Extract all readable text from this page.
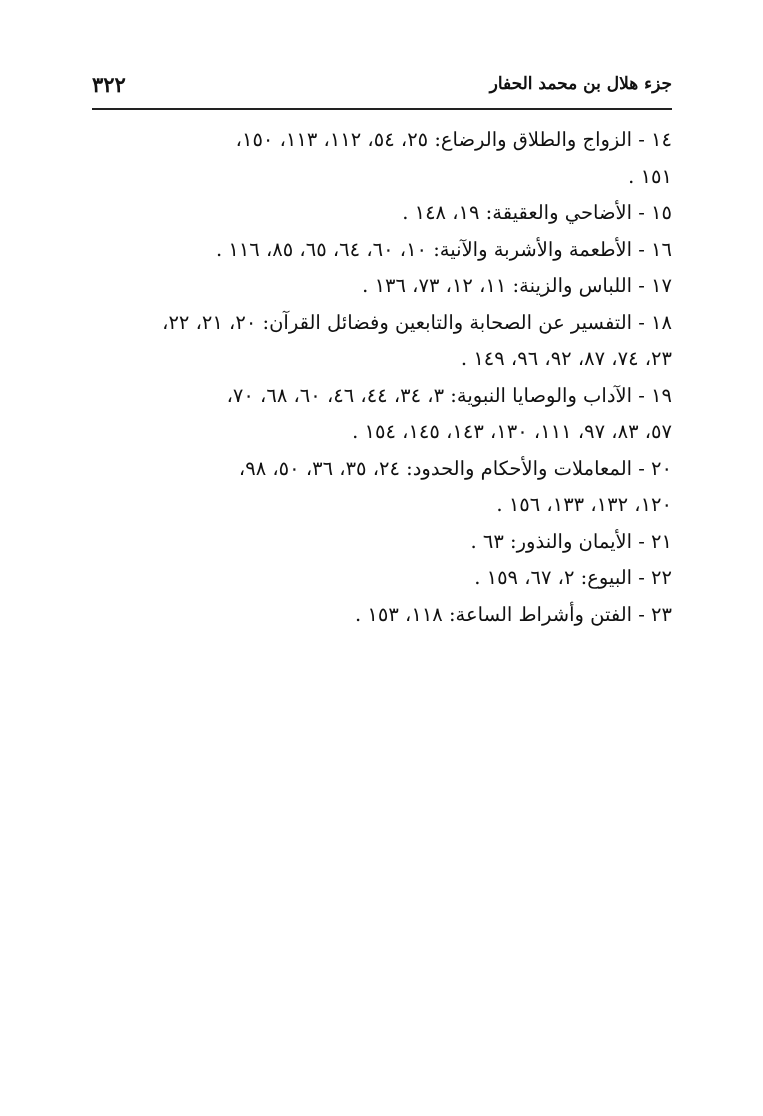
جزء هلال بن محمد الحفار
٣٢٢
١٤ - الزواج والطلاق والرضاع: ٢٥، ٥٤، ١١٢، ١١٣، ١٥٠،
١٥١ .
١٥ - الأضاحي والعقيقة: ١٩، ١٤٨ .
١٦ - الأطعمة والأشربة والآنية: ١٠، ٦٠، ٦٤، ٦٥، ٨٥، ١١٦ .
١٧ - اللباس والزينة: ١١، ١٢، ٧٣، ١٣٦ .
١٨ - التفسير عن الصحابة والتابعين وفضائل القرآن: ٢٠، ٢١، ٢٢،
٢٣، ٧٤، ٨٧، ٩٢، ٩٦، ١٤٩ .
١٩ - الآداب والوصايا النبوية: ٣، ٣٤، ٤٤، ٤٦، ٦٠، ٦٨، ٧٠،
٥٧، ٨٣، ٩٧، ١١١، ١٣٠، ١٤٣، ١٤٥، ١٥٤ .
٢٠ - المعاملات والأحكام والحدود: ٢٤، ٣٥، ٣٦، ٥٠، ٩٨،
١٢٠، ١٣٢، ١٣٣، ١٥٦ .
٢١ - الأيمان والنذور: ٦٣ .
٢٢ - البيوع: ٢، ٦٧، ١٥٩ .
٢٣ - الفتن وأشراط الساعة: ١١٨، ١٥٣ .
